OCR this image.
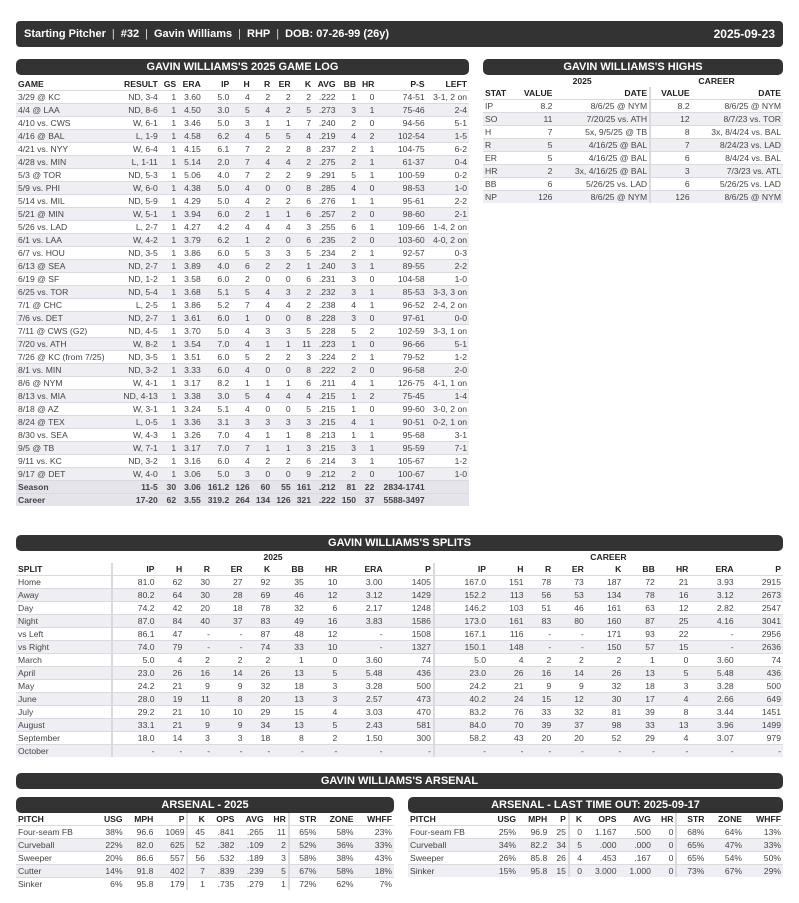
Starting Pitcher | #32 | Gavin Williams | RHP | DOB: 07-26-99 (26y)	2025-09-23
GAVIN WILLIAMS'S 2025 GAME LOG
GAME	RESULT	GS	ERA	IP	H	R	ER	K	AVG	BB	HR	P-S	LEFT
3/29 @ KC	ND, 3-4	1	3.60	5.0	4	2	2	2	.222	1	0	74-51	3-1, 2 on
4/4 @ LAA	ND, 8-6	1	4.50	3.0	5	4	2	5	.273	3	1	75-46	2-4
4/10 vs. CWS	W, 6-1	1	3.46	5.0	3	1	1	7	.240	2	0	94-56	5-1
4/16 @ BAL	L, 1-9	1	4.58	6.2	4	5	5	4	.219	4	2	102-54	1-5
4/21 vs. NYY	W, 6-4	1	4.15	6.1	7	2	2	8	.237	2	1	104-75	6-2
4/28 vs. MIN	L, 1-11	1	5.14	2.0	7	4	4	2	.275	2	1	61-37	0-4
5/3 @ TOR	ND, 5-3	1	5.06	4.0	7	2	2	9	.291	5	1	100-59	0-2
5/9 vs. PHI	W, 6-0	1	4.38	5.0	4	0	0	8	.285	4	0	98-53	1-0
5/14 vs. MIL	ND, 5-9	1	4.29	5.0	4	2	2	6	.276	1	1	95-61	2-2
5/21 @ MIN	W, 5-1	1	3.94	6.0	2	1	1	6	.257	2	0	98-60	2-1
5/26 vs. LAD	L, 2-7	1	4.27	4.2	4	4	4	3	.255	6	1	109-66	1-4, 2 on
6/1 vs. LAA	W, 4-2	1	3.79	6.2	1	2	0	6	.235	2	0	103-60	4-0, 2 on
6/7 vs. HOU	ND, 3-5	1	3.86	6.0	5	3	3	5	.234	2	1	92-57	0-3
6/13 @ SEA	ND, 2-7	1	3.89	4.0	6	2	2	1	.240	3	1	89-55	2-2
6/19 @ SF	ND, 1-2	1	3.58	6.0	2	0	0	6	.231	3	0	104-58	1-0
6/25 vs. TOR	ND, 5-4	1	3.68	5.1	5	4	3	2	.232	3	1	85-53	3-3, 3 on
7/1 @ CHC	L, 2-5	1	3.86	5.2	7	4	4	2	.238	4	1	96-52	2-4, 2 on
7/6 vs. DET	ND, 2-7	1	3.61	6.0	1	0	0	8	.228	3	0	97-61	0-0
7/11 @ CWS (G2)	ND, 4-5	1	3.70	5.0	4	3	3	5	.228	5	2	102-59	3-3, 1 on
7/20 vs. ATH	W, 8-2	1	3.54	7.0	4	1	1	11	.223	1	0	96-66	5-1
7/26 @ KC (from 7/25)	ND, 3-5	1	3.51	6.0	5	2	2	3	.224	2	1	79-52	1-2
8/1 vs. MIN	ND, 3-2	1	3.33	6.0	4	0	0	8	.222	2	0	96-58	2-0
8/6 @ NYM	W, 4-1	1	3.17	8.2	1	1	1	6	.211	4	1	126-75	4-1, 1 on
8/13 vs. MIA	ND, 4-13	1	3.38	3.0	5	4	4	4	.215	1	2	75-45	1-4
8/18 @ AZ	W, 3-1	1	3.24	5.1	4	0	0	5	.215	1	0	99-60	3-0, 2 on
8/24 @ TEX	L, 0-5	1	3.36	3.1	3	3	3	3	.215	4	1	90-51	0-2, 1 on
8/30 vs. SEA	W, 4-3	1	3.26	7.0	4	1	1	8	.213	1	1	95-68	3-1
9/5 @ TB	W, 7-1	1	3.17	7.0	7	1	1	3	.215	3	1	95-59	7-1
9/11 vs. KC	ND, 3-2	1	3.16	6.0	4	2	2	6	.214	3	1	105-67	1-2
9/17 @ DET	W, 4-0	1	3.06	5.0	3	0	0	9	.212	2	0	100-67	1-0
Season	11-5	30	3.06	161.2	126	60	55	161	.212	81	22	2834-1741	
Career	17-20	62	3.55	319.2	264	134	126	321	.222	150	37	5588-3497	
GAVIN WILLIAMS'S HIGHS
	2025		CAREER	
STAT	VALUE	DATE	VALUE	DATE
IP	8.2	8/6/25 @ NYM	8.2	8/6/25 @ NYM
SO	11	7/20/25 vs. ATH	12	8/7/23 vs. TOR
H	7	5x, 9/5/25 @ TB	8	3x, 8/4/24 vs. BAL
R	5	4/16/25 @ BAL	7	8/24/23 vs. LAD
ER	5	4/16/25 @ BAL	6	8/4/24 vs. BAL
HR	2	3x, 4/16/25 @ BAL	3	7/3/23 vs. ATL
BB	6	5/26/25 vs. LAD	6	5/26/25 vs. LAD
NP	126	8/6/25 @ NYM	126	8/6/25 @ NYM
GAVIN WILLIAMS'S SPLITS
	2025									CAREER								
SPLIT	IP	H	R	ER	K	BB	HR	ERA	P	IP	H	R	ER	K	BB	HR	ERA	P
Home	81.0	62	30	27	92	35	10	3.00	1405	167.0	151	78	73	187	72	21	3.93	2915
Away	80.2	64	30	28	69	46	12	3.12	1429	152.2	113	56	53	134	78	16	3.12	2673
Day	74.2	42	20	18	78	32	6	2.17	1248	146.2	103	51	46	161	63	12	2.82	2547
Night	87.0	84	40	37	83	49	16	3.83	1586	173.0	161	83	80	160	87	25	4.16	3041
vs Left	86.1	47	-	-	87	48	12	-	1508	167.1	116	-	-	171	93	22	-	2956
vs Right	74.0	79	-	-	74	33	10	-	1327	150.1	148	-	-	150	57	15	-	2636
March	5.0	4	2	2	2	1	0	3.60	74	5.0	4	2	2	2	1	0	3.60	74
April	23.0	26	16	14	26	13	5	5.48	436	23.0	26	16	14	26	13	5	5.48	436
May	24.2	21	9	9	32	18	3	3.28	500	24.2	21	9	9	32	18	3	3.28	500
June	28.0	19	11	8	20	13	3	2.57	473	40.2	24	15	12	30	17	4	2.66	649
July	29.2	21	10	10	29	15	4	3.03	470	83.2	76	33	32	81	39	8	3.44	1451
August	33.1	21	9	9	34	13	5	2.43	581	84.0	70	39	37	98	33	13	3.96	1499
September	18.0	14	3	3	18	8	2	1.50	300	58.2	43	20	20	52	29	4	3.07	979
October	-	-	-	-	-	-	-	-	-	-	-	-	-	-	-	-	-	-
GAVIN WILLIAMS'S ARSENAL
ARSENAL - 2025
PITCH	USG	MPH	P	K	OPS	AVG	HR	STR	ZONE	WHFF
Four-seam FB	38%	96.6	1069	45	.841	.265	11	65%	58%	23%
Curveball	22%	82.0	625	52	.382	.109	2	52%	36%	33%
Sweeper	20%	86.6	557	56	.532	.189	3	58%	38%	43%
Cutter	14%	91.8	402	7	.839	.239	5	67%	58%	18%
Sinker	6%	95.8	179	1	.735	.279	1	72%	62%	7%
ARSENAL - LAST TIME OUT: 2025-09-17
PITCH	USG	MPH	P	K	OPS	AVG	HR	STR	ZONE	WHFF
Four-seam FB	25%	96.9	25	0	1.167	.500	0	68%	64%	13%
Curveball	34%	82.2	34	5	.000	.000	0	65%	47%	33%
Sweeper	26%	85.8	26	4	.453	.167	0	65%	54%	50%
Sinker	15%	95.8	15	0	3.000	1.000	0	73%	67%	29%
